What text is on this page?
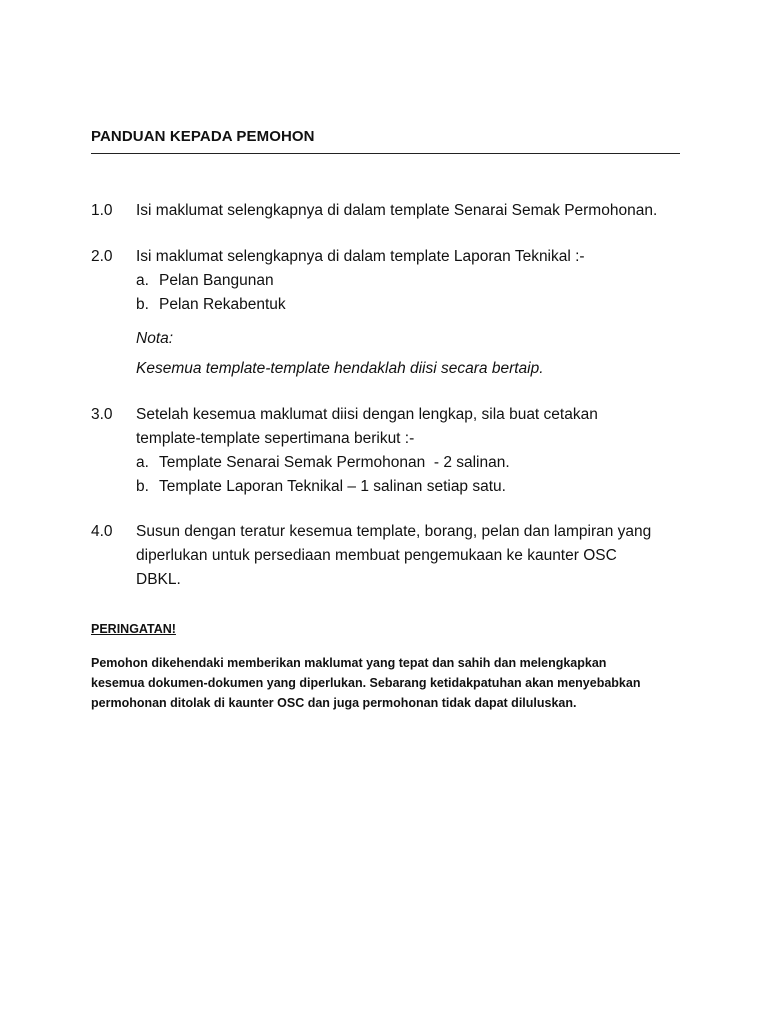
PANDUAN KEPADA PEMOHON
1.0	Isi maklumat selengkapnya di dalam template Senarai Semak Permohonan.
2.0	Isi maklumat selengkapnya di dalam template Laporan Teknikal :-
a. Pelan Bangunan
b. Pelan Rekabentuk
Nota:
Kesemua template-template hendaklah diisi secara bertaip.
3.0	Setelah kesemua maklumat diisi dengan lengkap, sila buat cetakan
template-template sepertimana berikut :-
a. Template Senarai Semak Permohonan  - 2 salinan.
b. Template Laporan Teknikal – 1 salinan setiap satu.
4.0	Susun dengan teratur kesemua template, borang, pelan dan lampiran yang
diperlukan untuk persediaan membuat pengemukaan ke kaunter OSC
DBKL.
PERINGATAN!
Pemohon dikehendaki memberikan maklumat yang tepat dan sahih dan melengkapkan
kesemua dokumen-dokumen yang diperlukan. Sebarang ketidakpatuhan akan menyebabkan
permohonan ditolak di kaunter OSC dan juga permohonan tidak dapat diluluskan.
